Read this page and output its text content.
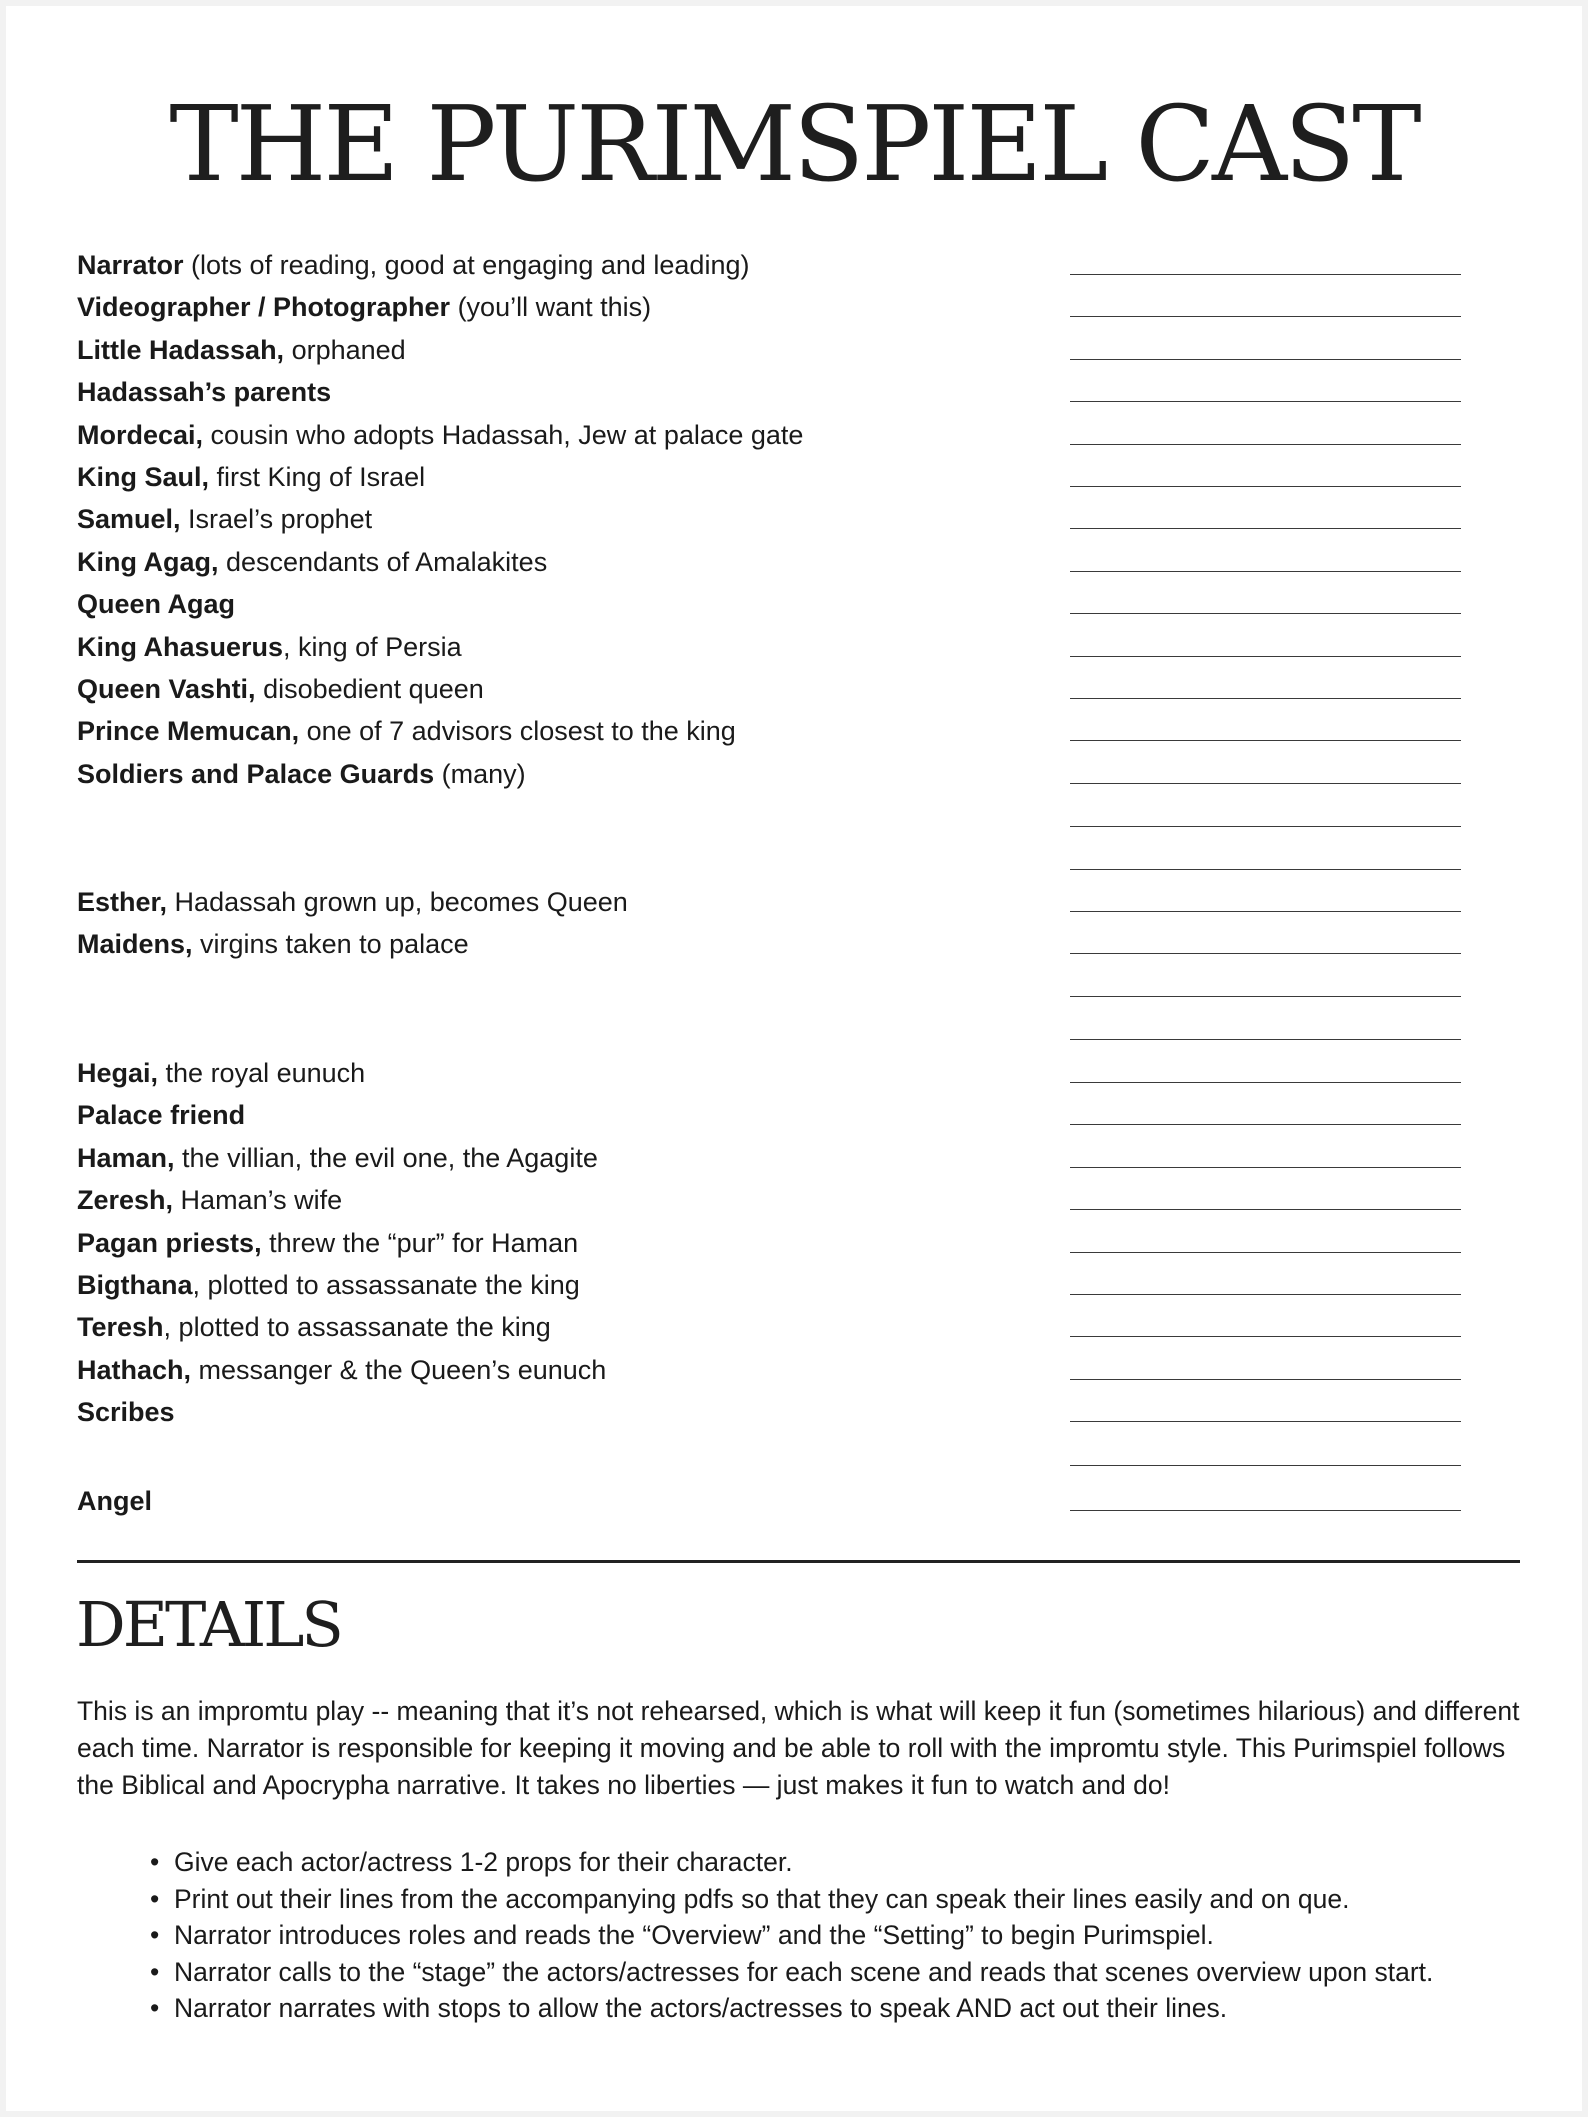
THE PURIMSPIEL CAST
Narrator (lots of reading, good at engaging and leading)
Videographer / Photographer (you’ll want this)
Little Hadassah, orphaned
Hadassah’s parents
Mordecai, cousin who adopts Hadassah, Jew at palace gate
King Saul, first King of Israel
Samuel, Israel’s prophet
King Agag, descendants of Amalakites
Queen Agag
King Ahasuerus, king of Persia
Queen Vashti, disobedient queen
Prince Memucan, one of 7 advisors closest to the king
Soldiers and Palace Guards (many)
Esther, Hadassah grown up, becomes Queen
Maidens, virgins taken to palace
Hegai, the royal eunuch
Palace friend
Haman, the villian, the evil one, the Agagite
Zeresh, Haman’s wife
Pagan priests, threw the “pur” for Haman
Bigthana, plotted to assassanate the king
Teresh, plotted to assassanate the king
Hathach, messanger & the Queen’s eunuch
Scribes
Angel
DETAILS

This is an impromtu play -- meaning that it’s not rehearsed, which is what will keep it fun (sometimes hilarious) and different each time. Narrator is responsible for keeping it moving and be able to roll with the impromtu style. This Purimspiel follows the Biblical and Apocrypha narrative. It takes no liberties — just makes it fun to watch and do!

• Give each actor/actress 1-2 props for their character.
• Print out their lines from the accompanying pdfs so that they can speak their lines easily and on que.
• Narrator introduces roles and reads the “Overview” and the “Setting” to begin Purimspiel.
• Narrator calls to the “stage” the actors/actresses for each scene and reads that scenes overview upon start.
• Narrator narrates with stops to allow the actors/actresses to speak AND act out their lines.
